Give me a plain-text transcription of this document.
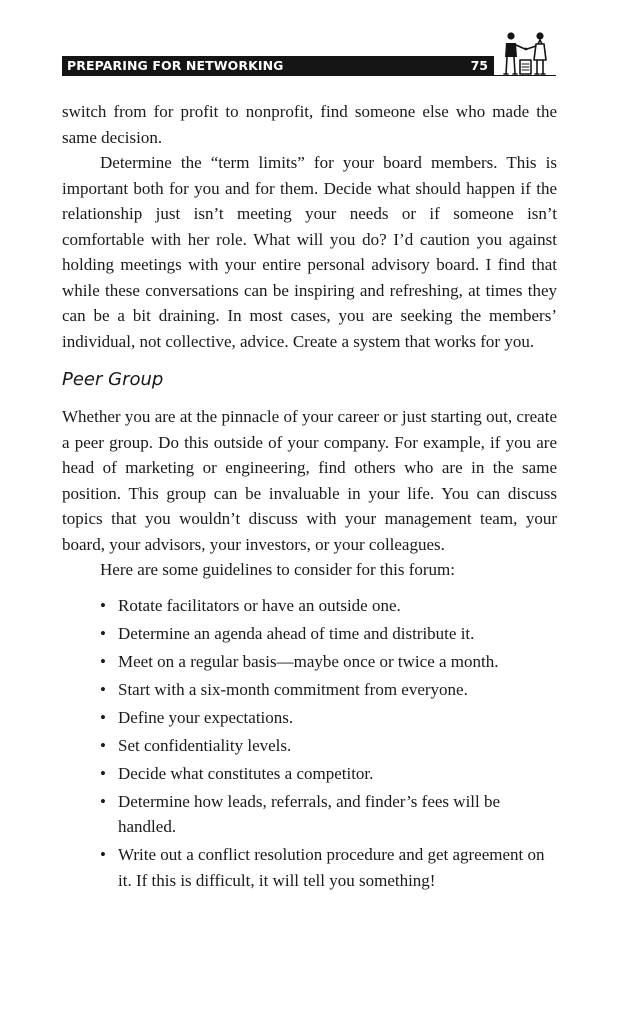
PREPARING FOR NETWORKING	75

switch from for profit to nonprofit, find someone else who made the same decision.

Determine the “term limits” for your board members. This is important both for you and for them. Decide what should happen if the relationship just isn’t meeting your needs or if someone isn’t comfortable with her role. What will you do? I’d caution you against holding meetings with your entire personal advisory board. I find that while these conversations can be inspiring and refreshing, at times they can be a bit draining. In most cases, you are seeking the members’ individual, not collective, advice. Create a system that works for you.

Peer Group

Whether you are at the pinnacle of your career or just starting out, create a peer group. Do this outside of your company. For example, if you are head of marketing or engineering, find others who are in the same position. This group can be invaluable in your life. You can discuss topics that you wouldn’t discuss with your management team, your board, your advisors, your investors, or your colleagues.

Here are some guidelines to consider for this forum:

• Rotate facilitators or have an outside one.
• Determine an agenda ahead of time and distribute it.
• Meet on a regular basis—maybe once or twice a month.
• Start with a six-month commitment from everyone.
• Define your expectations.
• Set confidentiality levels.
• Decide what constitutes a competitor.
• Determine how leads, referrals, and finder’s fees will be handled.
• Write out a conflict resolution procedure and get agreement on it. If this is difficult, it will tell you something!
